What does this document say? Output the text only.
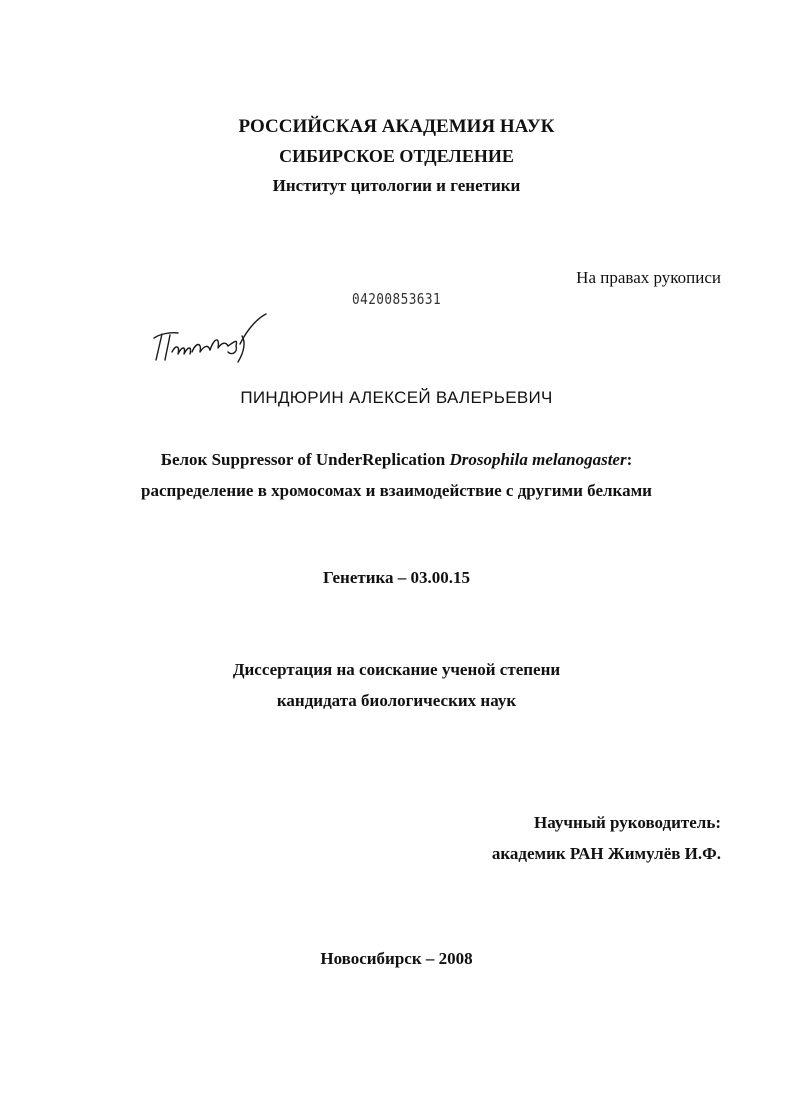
РОССИЙСКАЯ АКАДЕМИЯ НАУК
СИБИРСКОЕ ОТДЕЛЕНИЕ
Институт цитологии и генетики
На правах рукописи
04200853631
ПИНДЮРИН АЛЕКСЕЙ ВАЛЕРЬЕВИЧ
Белок Suppressor of UnderReplication Drosophila melanogaster:
распределение в хромосомах и взаимодействие с другими белками
Генетика – 03.00.15
Диссертация на соискание ученой степени
кандидата биологических наук
Научный руководитель:
академик РАН Жимулёв И.Ф.
Новосибирск – 2008
